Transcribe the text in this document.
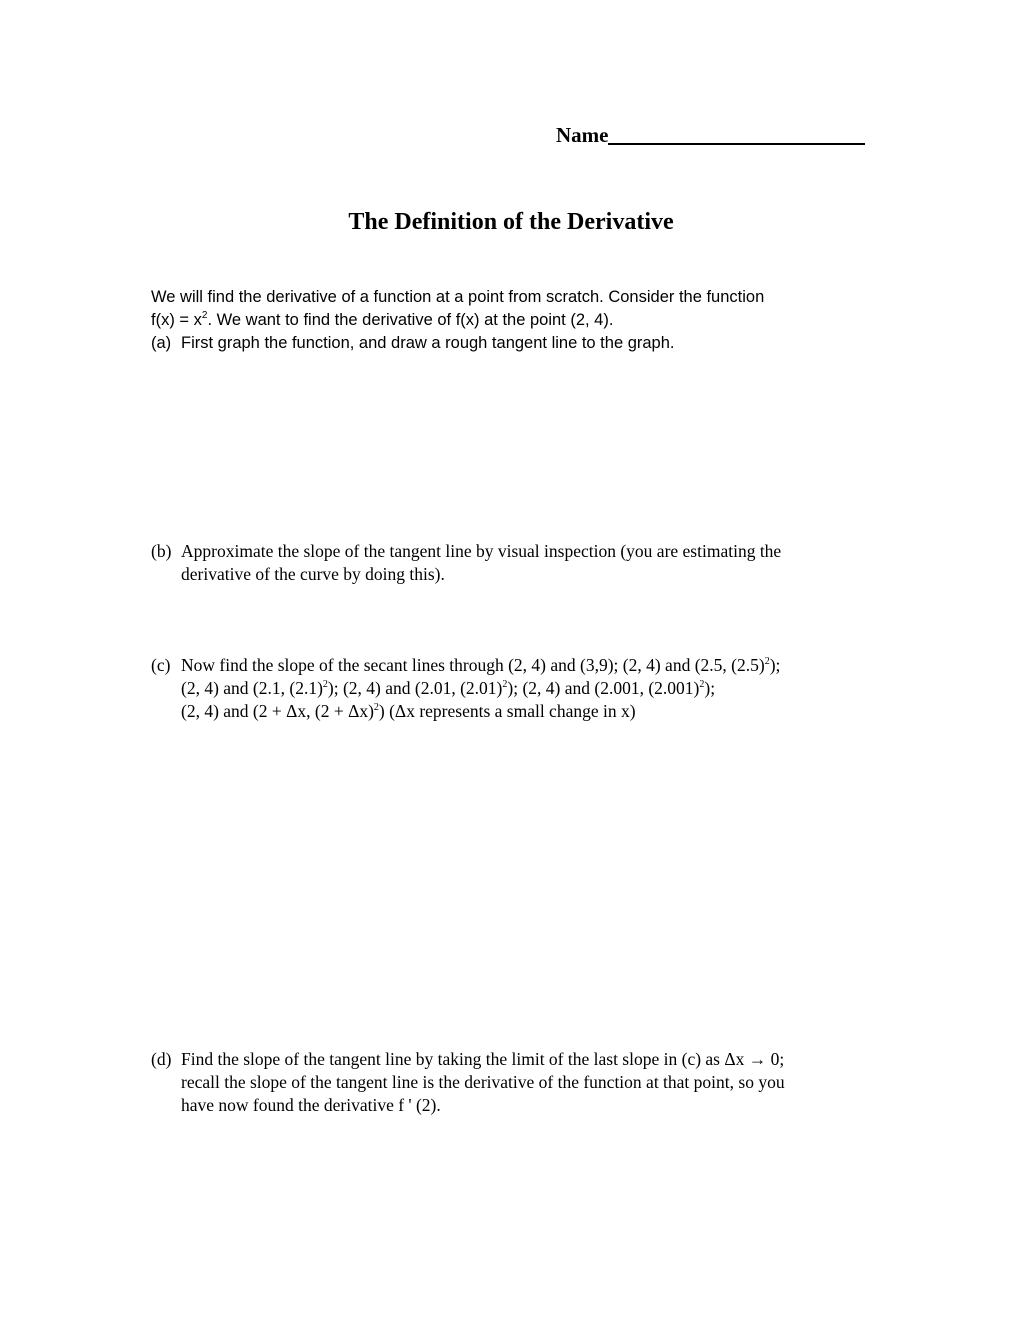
Name
The Definition of the Derivative
We will find the derivative of a function at a point from scratch. Consider the function
$f(x) = x^2$. We want to find the derivative of f(x) at the point (2, 4).
(a) First graph the function, and draw a rough tangent line to the graph.
(b) Approximate the slope of the tangent line by visual inspection (you are estimating the
derivative of the curve by doing this).
(c) Now find the slope of the secant lines through (2, 4) and (3,9); (2, 4) and (2.5, $(2.5)^2$);
(2, 4) and (2.1, $(2.1)^2$); (2, 4) and (2.01, $(2.01)^2$); (2, 4) and (2.001, $(2.001)^2$);
(2, 4) and (2 + Δx, $(2 + \Delta x)^2$) (Δx represents a small change in x)
(d) Find the slope of the tangent line by taking the limit of the last slope in (c) as Δx → 0;
recall the slope of the tangent line is the derivative of the function at that point, so you
have now found the derivative f ' (2).
